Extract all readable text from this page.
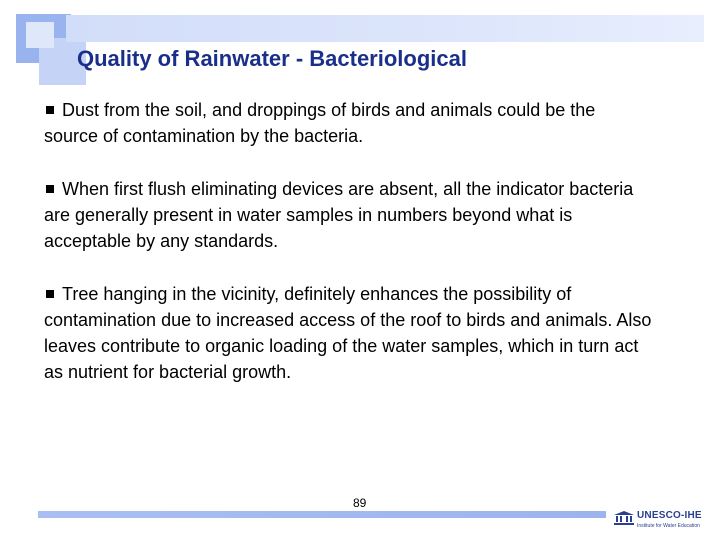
Quality of Rainwater - Bacteriological
Dust from the soil, and droppings of birds and animals could be the source of contamination by the bacteria.
When first flush eliminating devices are absent, all the indicator bacteria are generally present in water samples in numbers beyond what is acceptable by any standards.
Tree hanging in the vicinity, definitely enhances the possibility of contamination due to increased access of the roof to birds and animals. Also leaves contribute to organic loading of the water samples, which in turn act as nutrient for bacterial growth.
89
UNESCO-IHE
Institute for Water Education
